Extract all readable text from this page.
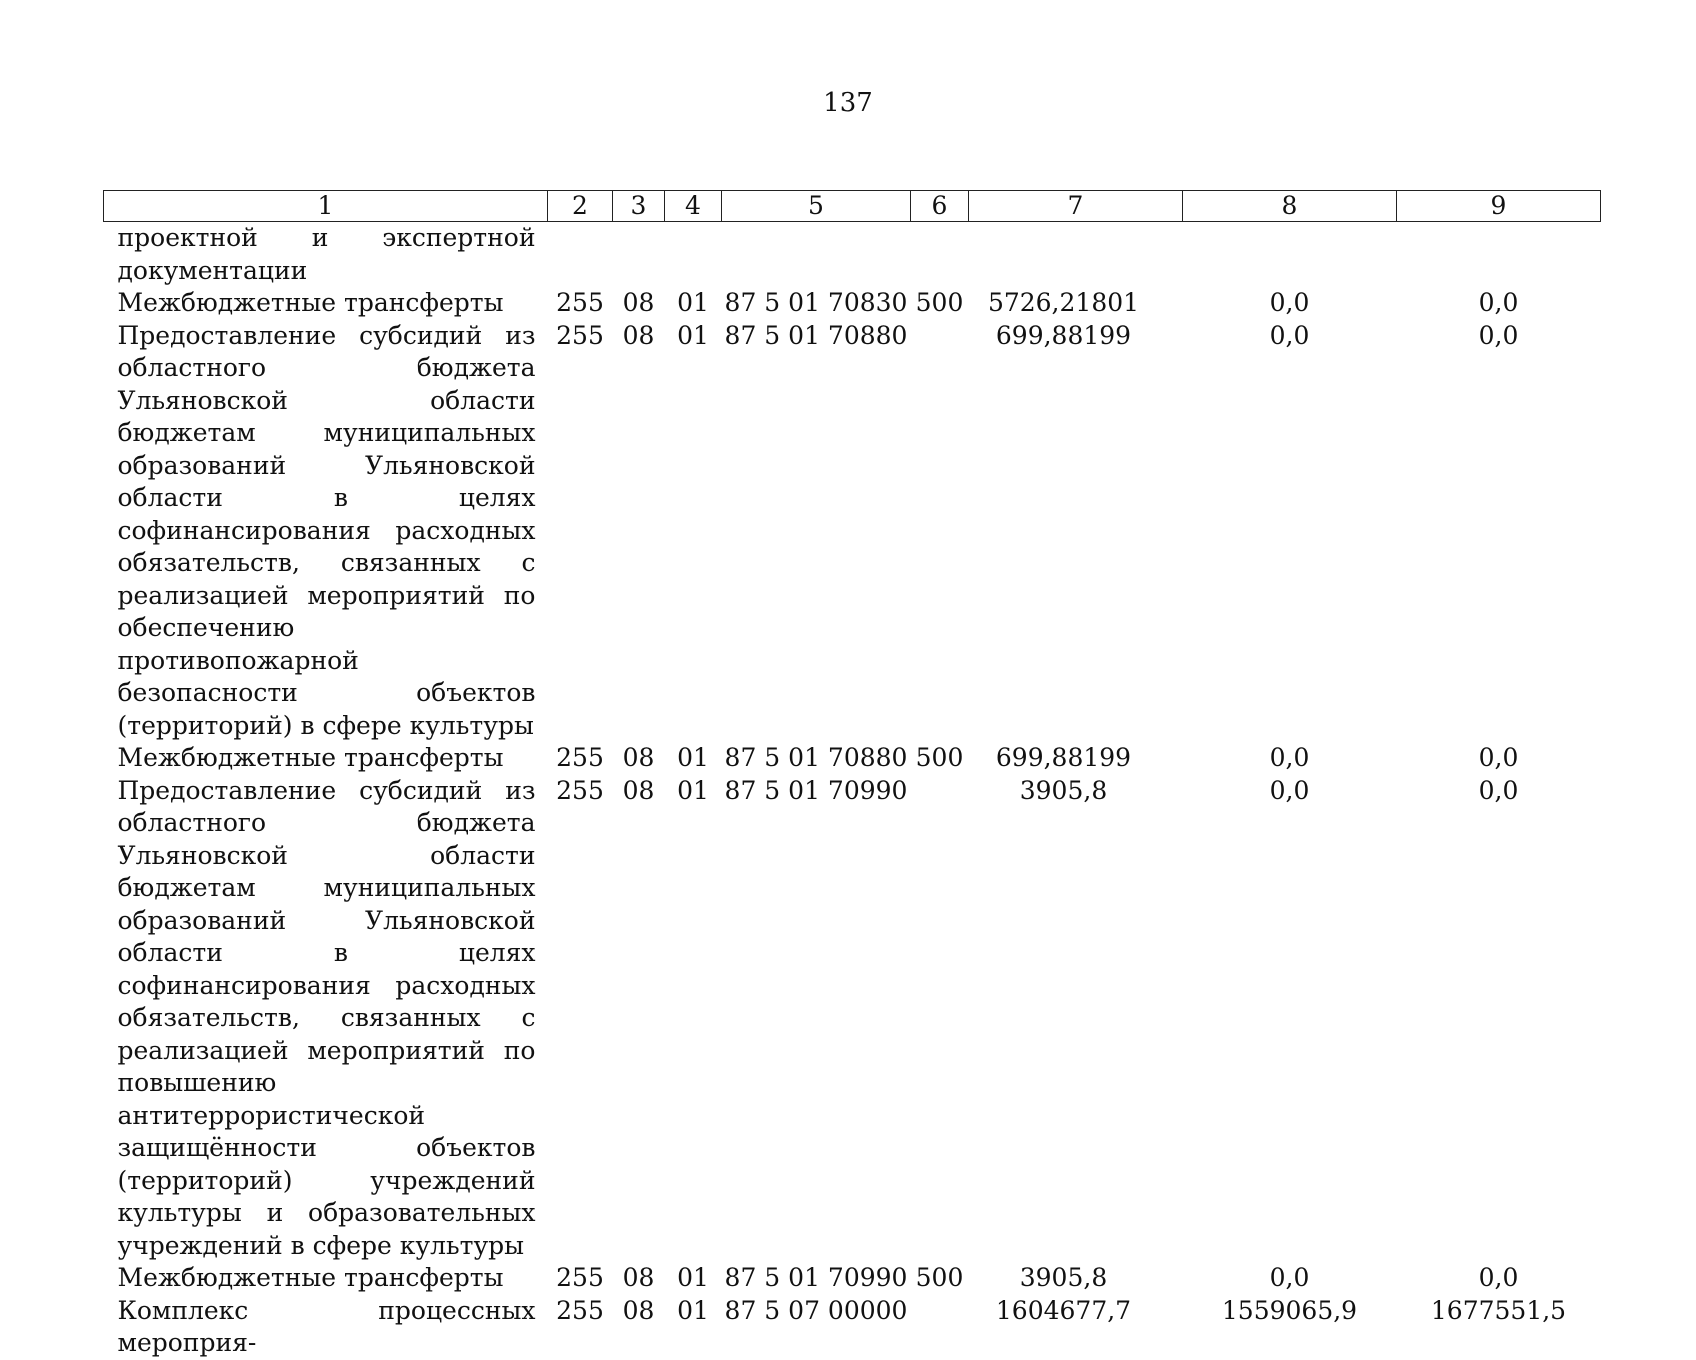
137
1	2	3	4	5	6	7	8	9
проектной и экспертной документации								
Межбюджетные трансферты	255	08	01	87 5 01 70830	500	5726,21801	0,0	0,0
Предоставление субсидий из областного бюджета Ульяновской области бюджетам муниципальных образований Ульяновской области в целях софинансирования расходных обязательств, связанных с реализацией мероприятий по обеспечению противопожарной безопасности объектов (территорий) в сфере культуры	255	08	01	87 5 01 70880		699,88199	0,0	0,0
Межбюджетные трансферты	255	08	01	87 5 01 70880	500	699,88199	0,0	0,0
Предоставление субсидий из областного бюджета Ульяновской области бюджетам муниципальных образований Ульяновской области в целях софинансирования расходных обязательств, связанных с реализацией мероприятий по повышению антитеррористической защищённости объектов (территорий) учреждений культуры и образовательных учреждений в сфере культуры	255	08	01	87 5 01 70990		3905,8	0,0	0,0
Межбюджетные трансферты	255	08	01	87 5 01 70990	500	3905,8	0,0	0,0
Комплекс процессных мероприя-	255	08	01	87 5 07 00000		1604677,7	1559065,9	1677551,5
